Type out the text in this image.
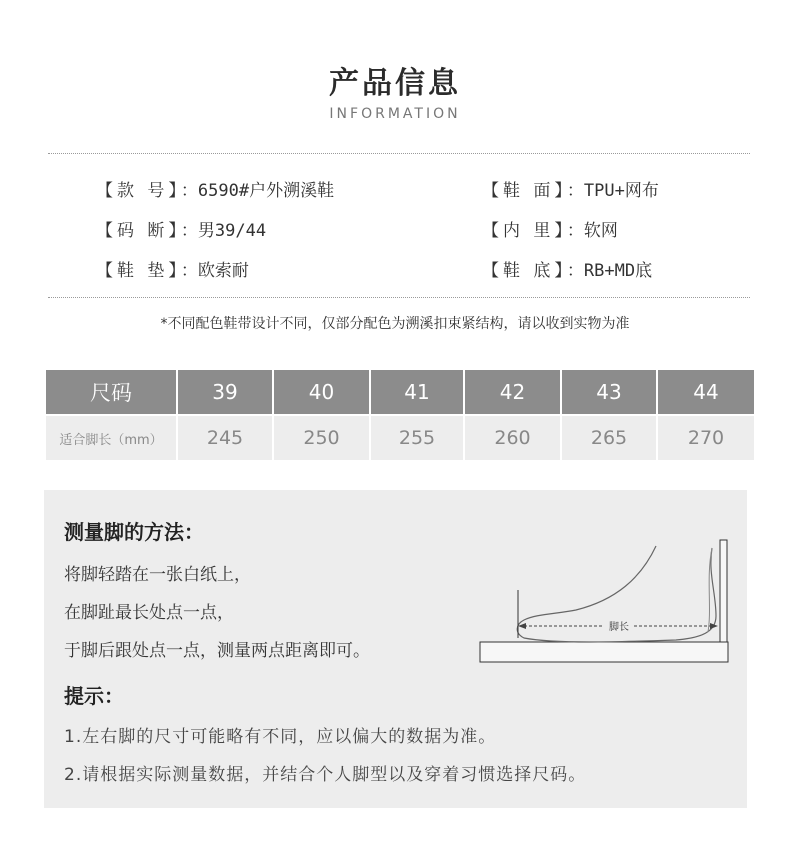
产品信息
INFORMATION
【款 号】：6590#户外溯溪鞋	【鞋 面】：TPU+网布
【码 断】：男39/44	【内 里】：软网
【鞋 垫】：欧索耐	【鞋 底】：RB+MD底
*不同配色鞋带设计不同，仅部分配色为溯溪扣束紧结构，请以收到实物为准
尺码	39	40	41	42	43	44
适合脚长（mm）	245	250	255	260	265	270
测量脚的方法：
将脚轻踏在一张白纸上，
在脚趾最长处点一点，
于脚后跟处点一点，测量两点距离即可。
脚长
提示：
1.左右脚的尺寸可能略有不同，应以偏大的数据为准。
2.请根据实际测量数据，并结合个人脚型以及穿着习惯选择尺码。
